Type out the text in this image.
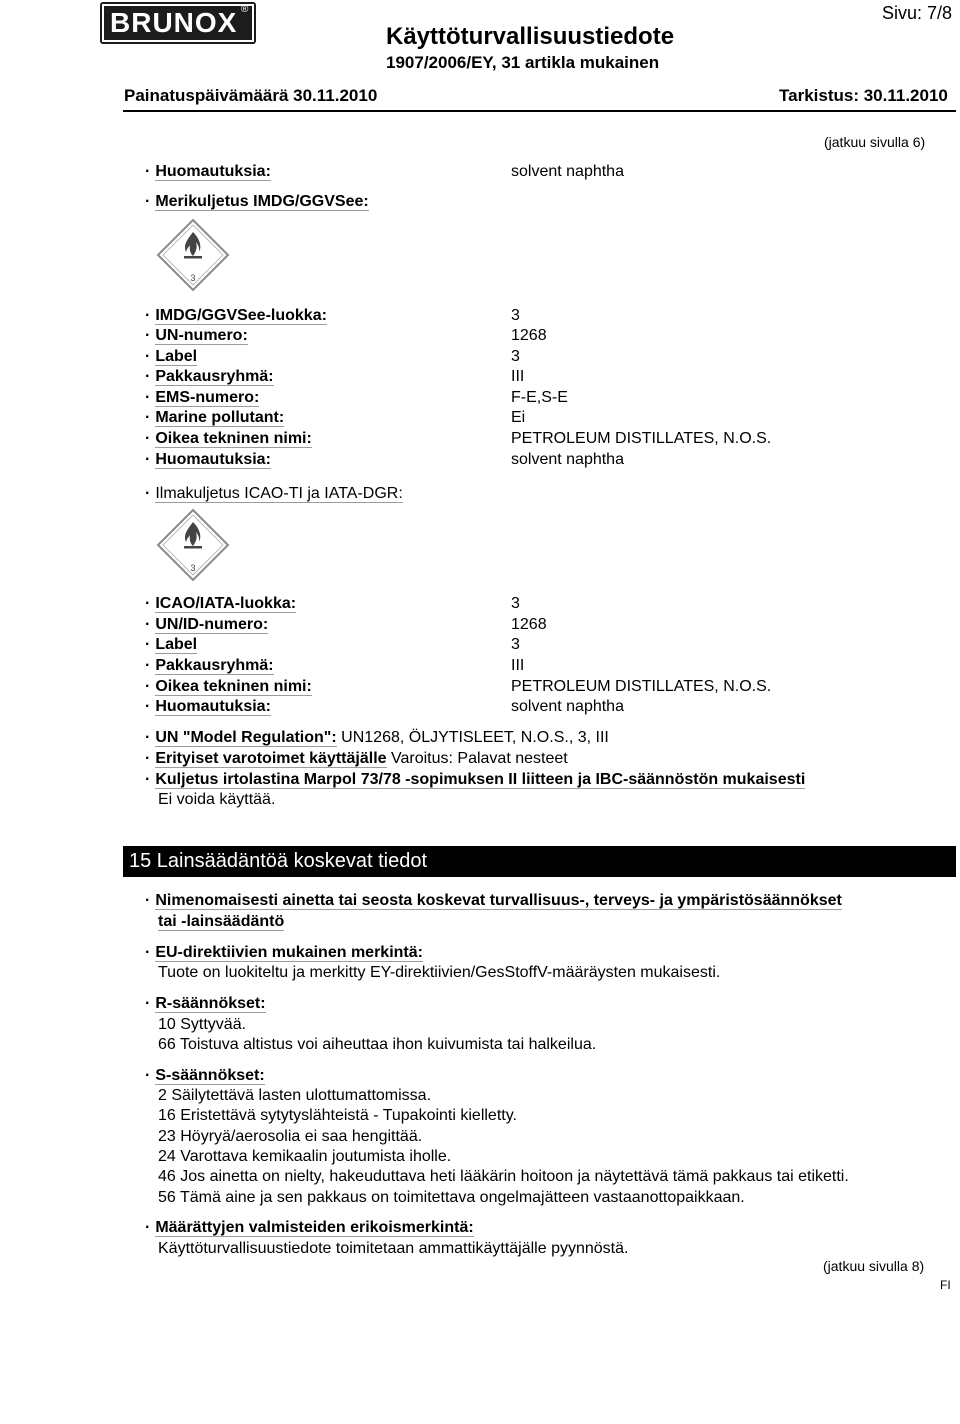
BRUNOX ®
Käyttöturvallisuustiedote
1907/2006/EY, 31 artikla mukainen
Sivu: 7/8
Painatuspäivämäärä 30.11.2010	Tarkistus: 30.11.2010
(jatkuu sivulla 6)
· Huomautuksia:	solvent naphtha
· Merikuljetus IMDG/GGVSee:
3
· IMDG/GGVSee-luokka:	3
· UN-numero:	1268
· Label	3
· Pakkausryhmä:	III
· EMS-numero:	F-E,S-E
· Marine pollutant:	Ei
· Oikea tekninen nimi:	PETROLEUM DISTILLATES, N.O.S.
· Huomautuksia:	solvent naphtha
· Ilmakuljetus ICAO-TI ja IATA-DGR:
3
· ICAO/IATA-luokka:	3
· UN/ID-numero:	1268
· Label	3
· Pakkausryhmä:	III
· Oikea tekninen nimi:	PETROLEUM DISTILLATES, N.O.S.
· Huomautuksia:	solvent naphtha
· UN "Model Regulation": UN1268, ÖLJYTISLEET, N.O.S., 3, III
· Erityiset varotoimet käyttäjälle Varoitus: Palavat nesteet
· Kuljetus irtolastina Marpol 73/78 -sopimuksen II liitteen ja IBC-säännöstön mukaisesti
Ei voida käyttää.
15 Lainsäädäntöä koskevat tiedot
· Nimenomaisesti ainetta tai seosta koskevat turvallisuus-, terveys- ja ympäristösäännökset
tai -lainsäädäntö
· EU-direktiivien mukainen merkintä:
Tuote on luokiteltu ja merkitty EY-direktiivien/GesStoffV-määräysten mukaisesti.
· R-säännökset:
10 Syttyvää.
66 Toistuva altistus voi aiheuttaa ihon kuivumista tai halkeilua.
· S-säännökset:
2 Säilytettävä lasten ulottumattomissa.
16 Eristettävä sytytyslähteistä - Tupakointi kielletty.
23 Höyryä/aerosolia ei saa hengittää.
24 Varottava kemikaalin joutumista iholle.
46 Jos ainetta on nielty, hakeuduttava heti lääkärin hoitoon ja näytettävä tämä pakkaus tai etiketti.
56 Tämä aine ja sen pakkaus on toimitettava ongelmajätteen vastaanottopaikkaan.
· Määrättyjen valmisteiden erikoismerkintä:
Käyttöturvallisuustiedote toimitetaan ammattikäyttäjälle pyynnöstä.
(jatkuu sivulla 8)
FI
